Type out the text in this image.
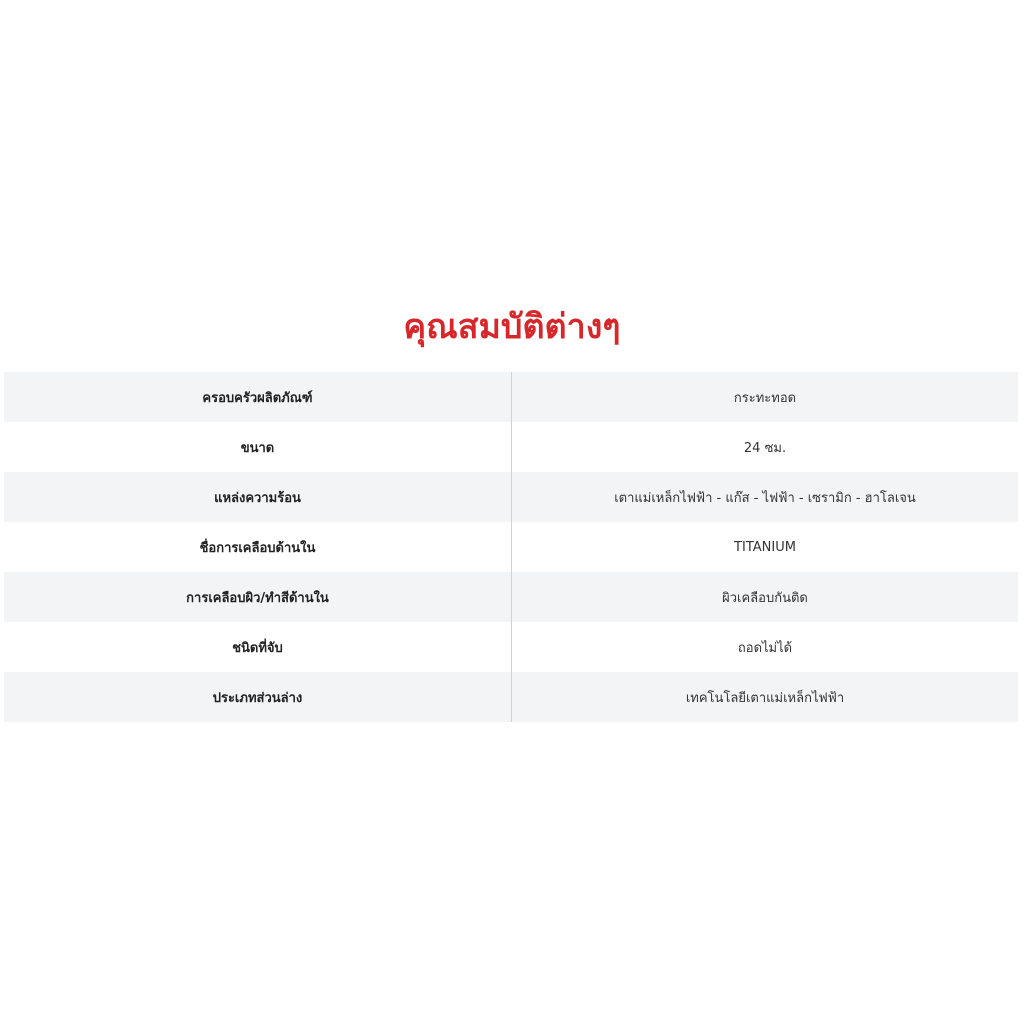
คุณสมบัติต่างๆ
ครอบครัวผลิตภัณฑ์	กระทะทอด
ขนาด	24 ซม.
แหล่งความร้อน	เตาแม่เหล็กไฟฟ้า - แก๊ส - ไฟฟ้า - เซรามิก - ฮาโลเจน
ชื่อการเคลือบด้านใน	TITANIUM
การเคลือบผิว/ทำสีด้านใน	ผิวเคลือบกันติด
ชนิดที่จับ	ถอดไม่ได้
ประเภทส่วนล่าง	เทคโนโลยีเตาแม่เหล็กไฟฟ้า
